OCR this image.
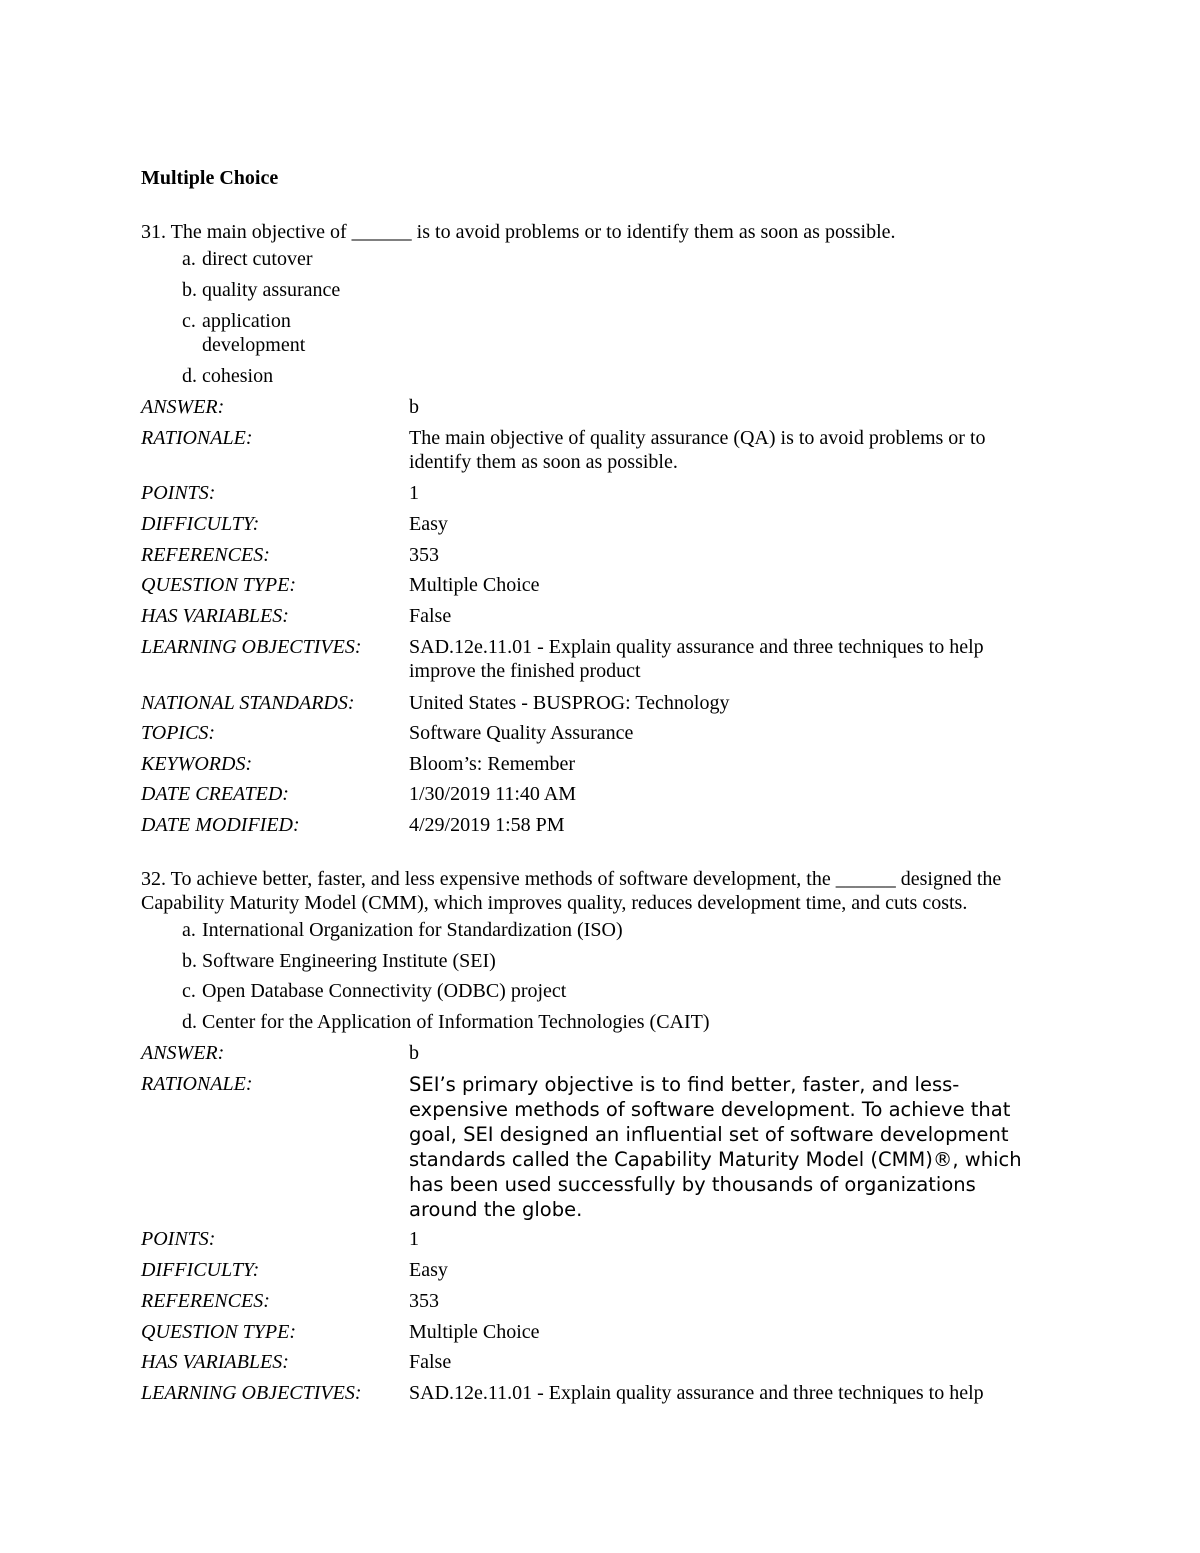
Multiple Choice

31. The main objective of ______ is to avoid problems or to identify them as soon as possible.

a. direct cutover
b. quality assurance
c. application development
d. cohesion
ANSWER:	b
RATIONALE:	The main objective of quality assurance (QA) is to avoid problems or to identify them as soon as possible.
POINTS:	1
DIFFICULTY:	Easy
REFERENCES:	353
QUESTION TYPE:	Multiple Choice
HAS VARIABLES:	False
LEARNING OBJECTIVES: SAD.12e.11.01 - Explain quality assurance and three techniques to help improve the finished product
NATIONAL STANDARDS:	United States - BUSPROG: Technology
TOPICS:	Software Quality Assurance
KEYWORDS:	Bloom’s: Remember
DATE CREATED:	1/30/2019 11:40 AM
DATE MODIFIED:	4/29/2019 1:58 PM

32. To achieve better, faster, and less expensive methods of software development, the ______ designed the Capability Maturity Model (CMM), which improves quality, reduces development time, and cuts costs.

a. International Organization for Standardization (ISO)
b. Software Engineering Institute (SEI)
c. Open Database Connectivity (ODBC) project
d. Center for the Application of Information Technologies (CAIT)
ANSWER:	b
RATIONALE:	SEI’s primary objective is to find better, faster, and less-expensive methods of software development. To achieve that goal, SEI designed an influential set of software development standards called the Capability Maturity Model (CMM)®, which has been used successfully by thousands of organizations around the globe.
POINTS:	1
DIFFICULTY:	Easy
REFERENCES:	353
QUESTION TYPE:	Multiple Choice
HAS VARIABLES:	False
LEARNING OBJECTIVES: SAD.12e.11.01 - Explain quality assurance and three techniques to help
